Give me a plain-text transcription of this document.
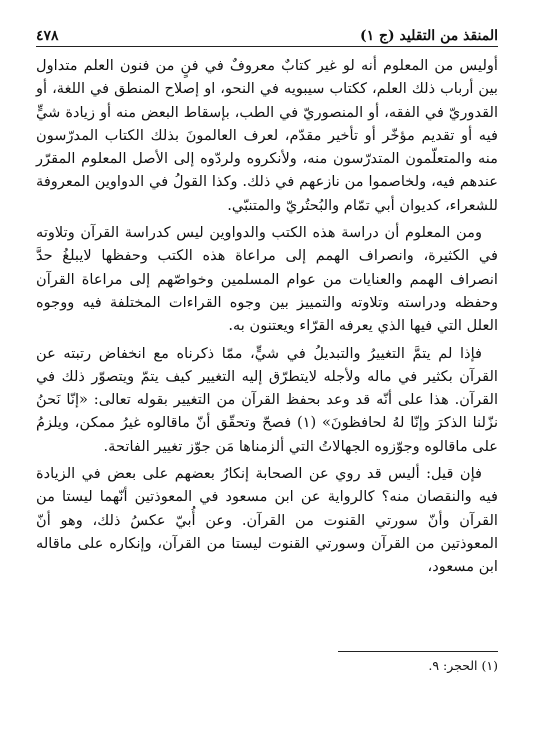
المنقذ من التقليد (ج ١)
٤٧٨

أوليس من المعلوم أنه لو غير كتابٌ معروفٌ في فنٍ من فنون العلم متداول بين أرباب ذلك العلم، ككتاب سيبويه في النحو، او إصلاح المنطق في اللغة، أو القدوريّ في الفقه، أو المنصوريّ في الطب، بإسقاط البعض منه أو زيادة شيٍّ فيه أو تقديم مؤخّر أو تأخير مقدّم، لعرف العالمونَ بذلك الكتاب المدرّسون منه والمتعلّمون المتدرّسون منه، ولأنكروه ولردّوه إلى الأصل المعلوم المقرّر عندهم فيه، ولخاصموا من نازعهم في ذلك. وكذا القولُ في الدواوين المعروفة للشعراء، كديوان أبي تمّام والبُحتُريّ والمتنبّي.

ومن المعلوم أن دراسة هذه الكتب والدواوين ليس كدراسة القرآن وتلاوته في الكثيرة، وانصراف الهمم إلى مراعاة هذه الكتب وحفظها لايبلغُ حدَّ انصراف الهمم والعنايات من عوام المسلمين وخواصّهم إلى مراعاة القرآن وحفظه ودراسته وتلاوته والتمييز بين وجوه القراءات المختلفة فيه ووجوه العلل التي فيها الذي يعرفه القرّاء ويعتنون به.

فإذا لم يتمَّ التغييرُ والتبديلُ في شيٍّ، ممّا ذكرناه مع انخفاض رتبته عن القرآن بكثير في ماله ولأجله لايتطرّق إليه التغيير كيف يتمّ ويتصوّر ذلك في القرآن. هذا على أنّه قد وعد بحفظ القرآن من التغيير بقوله تعالى: «إنّا نَحنُ نزّلنا الذكرَ وإنّا لهُ لحافظونَ» (١) فصحّ وتحقّق أنّ ماقالوه غيرُ ممكن، ويلزمُ على ماقالوه وجوّزوه الجهالاتُ التي ألزمناها مَن جوّز تغيير الفاتحة.

فإن قيل: أليس قد روي عن الصحابة إنكارُ بعضهم على بعض في الزيادة فيه والنقصان منه؟ كالرواية عن ابن مسعود في المعوذتين أنّهما ليستا من القرآن وأنّ سورتي القنوت من القرآن. وعن أُبيّ عكسُ ذلك، وهو أنّ المعوذتين من القرآن وسورتي القنوت ليستا من القرآن، وإنكاره على ماقاله ابن مسعود،

(١) الحجر: ٩.
